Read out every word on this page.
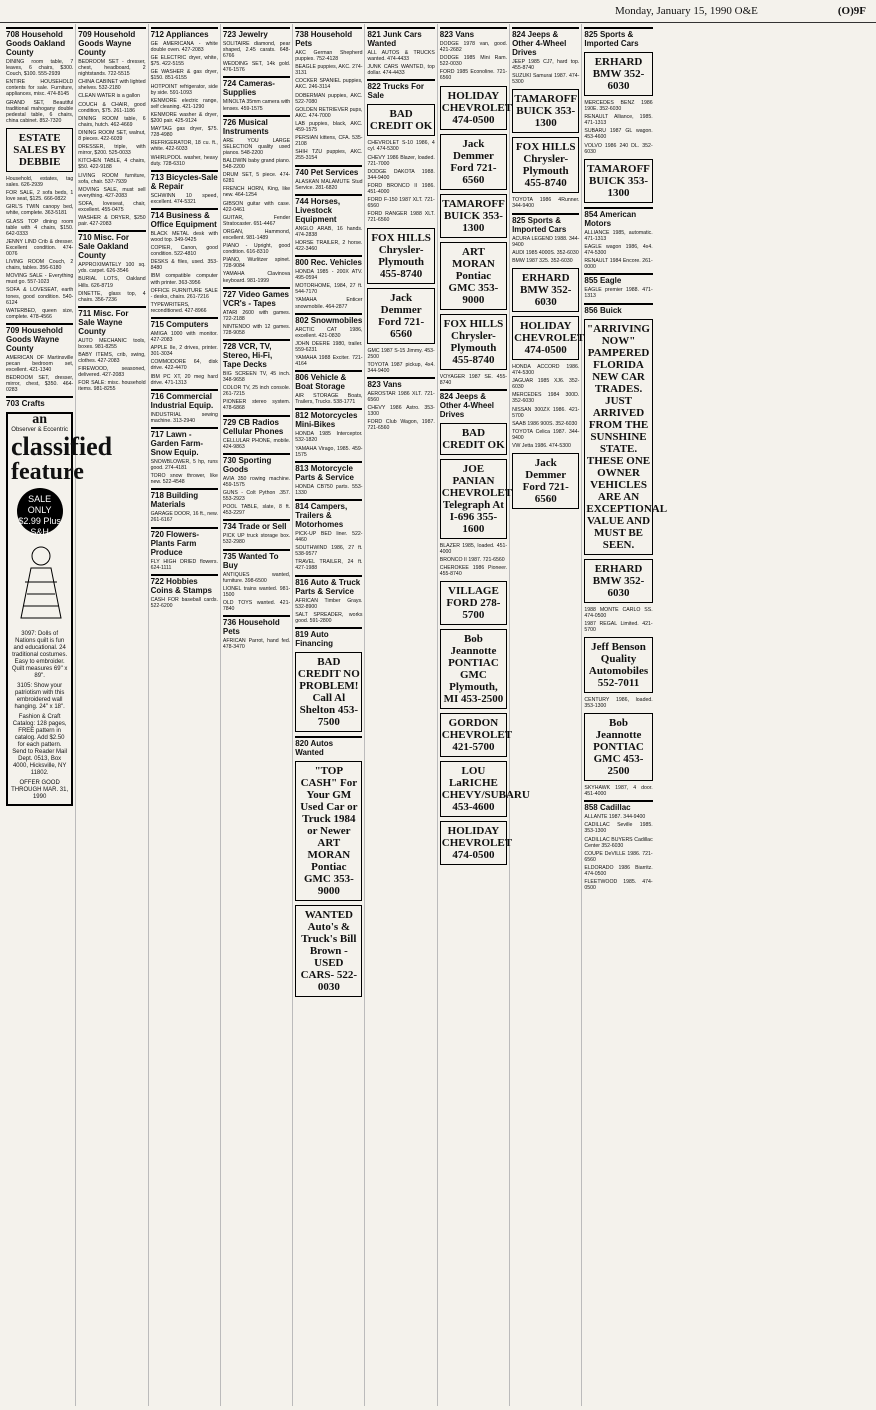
Monday, January 15, 1990 O&E	(O)9F
708 Household Goods Oakland County
DINING room table, 7 leaves, 6 chairs, $300. Couch, $100. 555-2939
ENTIRE HOUSEHOLD contents for sale. Furniture, appliances, misc. 474-8145
GRAND SET, Beautiful traditional mahogany double pedestal table, 6 chairs, china cabinet. 852-7320
ESTATE SALES BY DEBBIE
Household, estates, tag sales. 626-2939
FOR SALE, 2 sofa beds, 1 love seat, $125. 666-0822
GIRL'S TWIN canopy bed, white, complete. 363-5181
GLASS TOP dining room table with 4 chairs, $150. 642-0333
JENNY LIND Crib & dresser. Excellent condition. 474-0076
LIVING ROOM Couch, 2 chairs, tables. 356-6180
MOVING SALE - Everything must go. 557-1023
SOFA & LOVESEAT, earth tones, good condition. 540-6124
WATERBED, queen size, complete. 478-4566
709 Household Goods Wayne County
AMERICAN OF Martinsville pecan bedroom set, excellent. 421-1340
BEDROOM SET, dresser, mirror, chest, $350. 464-0283
703 Crafts
an
Observer & Eccentric
classified
feature
SALE ONLY $2.99 Plus S&H
3097: Dolls of Nations quilt is fun and educational. 24 traditional costumes. Easy to embroider. Quilt measures 69" x 89".
3105: Show your patriotism with this embroidered wall hanging. 24" x 18".
Fashion & Craft Catalog: 128 pages, FREE pattern in catalog. Add $2.50 for each pattern. Send to Reader Mail Dept. 0513, Box 4000, Hicksville, NY 11802.
OFFER GOOD THROUGH MAR. 31, 1990
709 Household Goods Wayne County
BEDROOM SET - dresser, chest, headboard, 2 nightstands. 722-5515
CHINA CABINET with lighted shelves. 532-2180
CLEAN WATER is a gallon
COUCH & CHAIR, good condition, $75. 261-1186
DINING ROOM table, 6 chairs, hutch. 462-4669
DINING ROOM SET, walnut, 8 pieces. 422-6039
DRESSER, triple, with mirror, $200. 525-0033
KITCHEN TABLE, 4 chairs, $50. 422-9188
LIVING ROOM furniture, sofa, chair. 537-7939
MOVING SALE, must sell everything. 427-2083
SOFA, loveseat, chair, excellent. 455-0475
WASHER & DRYER, $250 pair. 427-2083
710 Misc. For Sale Oakland County
APPROXIMATELY 100 sq. yds. carpet. 626-3546
BURIAL LOTS, Oakland Hills. 626-8719
DINETTE, glass top, 4 chairs. 356-7236
711 Misc. For Sale Wayne County
AUTO MECHANIC tools, boxes. 981-8255
BABY ITEMS, crib, swing, clothes. 427-2083
FIREWOOD, seasoned, delivered. 427-2083
FOR SALE: misc. household items. 981-8255
712 Appliances
GE AMERICANA - white double oven. 427-2083
GE ELECTRIC dryer, white, $75. 422-5155
GE WASHER & gas dryer, $150. 851-6155
HOTPOINT refrigerator, side by side. 591-1093
KENMORE electric range, self cleaning. 421-1290
KENMORE washer & dryer, $200 pair. 425-9124
MAYTAG gas dryer, $75. 728-4980
REFRIGERATOR, 18 cu. ft., white. 422-6033
WHIRLPOOL washer, heavy duty. 728-6310
713 Bicycles-Sale & Repair
SCHWINN 10 speed, excellent. 474-5321
714 Business & Office Equipment
BLACK METAL desk with wood top. 349-9425
COPIER, Canon, good condition. 522-4810
DESKS & files, used. 353-8480
IBM compatible computer with printer. 363-3956
OFFICE FURNITURE SALE - desks, chairs. 261-7216
TYPEWRITERS, reconditioned. 427-8966
715 Computers
AMIGA 1000 with monitor. 427-2083
APPLE IIe, 2 drives, printer. 301-3034
COMMODORE 64, disk drive. 422-4470
IBM PC XT, 20 meg hard drive. 471-1313
716 Commercial Industrial Equip.
INDUSTRIAL sewing machine. 313-2940
717 Lawn - Garden Farm-Snow Equip.
SNOWBLOWER, 5 hp, runs good. 274-4181
TORO snow thrower, like new. 522-4548
718 Building Materials
GARAGE DOOR, 16 ft., new. 261-6167
720 Flowers-Plants Farm Produce
FLY HIGH DRIED flowers. 624-1111
722 Hobbies Coins & Stamps
CASH FOR baseball cards. 522-6200
723 Jewelry
SOLITAIRE diamond, pear shaped, 2.45 carats. 648-6766
WEDDING SET, 14k gold. 476-1576
724 Cameras-Supplies
MINOLTA 35mm camera with lenses. 459-1575
726 Musical Instruments
ARE YOU LARGE SELECTION quality used pianos. 548-2200
BALDWIN baby grand piano. 548-2200
DRUM SET, 5 piece. 474-6281
FRENCH HORN, King, like new. 464-1254
GIBSON guitar with case. 422-0461
GUITAR, Fender Stratocaster. 651-4467
ORGAN, Hammond, excellent. 981-1489
PIANO - Upright, good condition. 616-8310
PIANO, Wurlitzer spinet. 728-9084
YAMAHA Clavinova keyboard. 981-1999
727 Video Games VCR's - Tapes
ATARI 2600 with games. 722-2188
NINTENDO with 12 games. 728-9058
728 VCR, TV, Stereo, Hi-Fi, Tape Decks
BIG SCREEN TV, 45 inch. 348-9658
COLOR TV, 25 inch console. 261-7215
PIONEER stereo system. 478-6868
729 CB Radios Cellular Phones
CELLULAR PHONE, mobile. 424-9863
730 Sporting Goods
AVIA 350 rowing machine. 459-1575
GUNS - Colt Python .357. 553-2923
POOL TABLE, slate, 8 ft. 453-2297
734 Trade or Sell
PICK UP truck storage box. 532-2980
735 Wanted To Buy
ANTIQUES wanted, furniture. 398-6500
LIONEL trains wanted. 981-1500
OLD TOYS wanted. 421-7840
736 Household Pets
AFRICAN Parrot, hand fed. 478-3470
738 Household Pets
AKC German Shepherd puppies. 752-4128
BEAGLE puppies, AKC. 274-3131
COCKER SPANIEL puppies, AKC. 246-3114
DOBERMAN puppies, AKC. 522-7080
GOLDEN RETRIEVER pups, AKC. 474-7000
LAB puppies, black, AKC. 459-1575
PERSIAN kittens, CFA. 535-2108
SHIH TZU puppies, AKC. 255-3154
740 Pet Services
ALASKAN MALAMUTE Stud Service. 281-6820
744 Horses, Livestock Equipment
ANGLO ARAB, 16 hands. 474-2838
HORSE TRAILER, 2 horse. 422-3460
800 Rec. Vehicles
HONDA 1985 - 200X ATV. 495-0594
MOTORHOME, 1984, 27 ft. 544-7170
YAMAHA Enticer snowmobile. 464-2877
802 Snowmobiles
ARCTIC CAT 1986, excellent. 421-0830
JOHN DEERE 1980, trailer. 559-6231
YAMAHA 1988 Exciter. 721-4164
806 Vehicle & Boat Storage
AIR STORAGE Boats, Trailers, Trucks. 538-1771
812 Motorcycles Mini-Bikes
HONDA 1985 Interceptor. 532-1820
YAMAHA Virago, 1985. 459-1575
813 Motorcycle Parts & Service
HONDA CB750 parts. 553-1330
814 Campers, Trailers & Motorhomes
PICK-UP BED liner. 522-4460
SOUTHWIND 1986, 27 ft. 538-9577
TRAVEL TRAILER, 24 ft. 427-1988
816 Auto & Truck Parts & Service
AFRICAN Timber Grays. 532-8900
SALT SPREADER, works good. 591-2800
819 Auto Financing
BAD CREDIT NO PROBLEM! Call Al Shelton 453-7500
820 Autos Wanted
"TOP CASH" For Your GM Used Car or Truck 1984 or Newer ART MORAN Pontiac GMC 353-9000
WANTED Auto's & Truck's Bill Brown -USED CARS- 522-0030
821 Junk Cars Wanted
ALL AUTOS & TRUCKS wanted. 474-4433
JUNK CARS WANTED, top dollar. 474-4433
822 Trucks For Sale
BAD CREDIT OK
CHEVROLET S-10 1986, 4 cyl. 474-5300
CHEVY 1986 Blazer, loaded. 721-7000
DODGE DAKOTA 1988. 344-9400
FORD BRONCO II 1986. 451-4000
FORD F-150 1987 XLT. 721-6560
FORD RANGER 1988 XLT. 721-6560
FOX HILLS Chrysler-Plymouth 455-8740
Jack Demmer Ford 721-6560
GMC 1987 S-15 Jimmy. 453-2500
TOYOTA 1987 pickup, 4x4. 344-9400
823 Vans
AEROSTAR 1986 XLT. 721-6560
CHEVY 1986 Astro. 353-1300
FORD Club Wagon, 1987. 721-6560
823 Vans
DODGE 1978 van, good. 421-2682
DODGE 1985 Mini Ram. 522-0030
FORD 1985 Econoline. 721-6560
HOLIDAY CHEVROLET 474-0500
Jack Demmer Ford 721-6560
TAMAROFF BUICK 353-1300
ART MORAN Pontiac GMC 353-9000
FOX HILLS Chrysler-Plymouth 455-8740
VOYAGER 1987 SE. 455-8740
824 Jeeps & Other 4-Wheel Drives
BAD CREDIT OK
JOE PANIAN CHEVROLET Telegraph At I-696 355-1600
BLAZER 1985, loaded. 451-4000
BRONCO II 1987. 721-6560
CHEROKEE 1986 Pioneer. 455-8740
VILLAGE FORD 278-5700
Bob Jeannotte PONTIAC GMC Plymouth, MI 453-2500
GORDON CHEVROLET 421-5700
LOU LaRICHE CHEVY/SUBARU 453-4600
HOLIDAY CHEVROLET 474-0500
824 Jeeps & Other 4-Wheel Drives
JEEP 1985 CJ7, hard top. 455-8740
SUZUKI Samurai 1987. 474-5300
TAMAROFF BUICK 353-1300
FOX HILLS Chrysler-Plymouth 455-8740
TOYOTA 1986 4Runner. 344-9400
825 Sports & Imported Cars
ACURA LEGEND 1988. 344-9400
AUDI 1985 4000S. 352-6030
BMW 1987 325. 352-6030
ERHARD BMW 352-6030
HOLIDAY CHEVROLET 474-0500
HONDA ACCORD 1986. 474-5300
JAGUAR 1985 XJ6. 352-6030
MERCEDES 1984 300D. 352-6030
NISSAN 300ZX 1986. 421-5700
SAAB 1986 900S. 352-6030
TOYOTA Celica 1987. 344-9400
VW Jetta 1986. 474-5300
Jack Demmer Ford 721-6560
825 Sports & Imported Cars
ERHARD BMW 352-6030
MERCEDES BENZ 1986 190E. 352-6030
RENAULT Alliance, 1985. 471-1313
SUBARU 1987 GL wagon. 453-4600
VOLVO 1986 240 DL. 352-6030
TAMAROFF BUICK 353-1300
854 American Motors
ALLIANCE 1985, automatic. 471-1313
EAGLE wagon 1986, 4x4. 474-5300
RENAULT 1984 Encore. 261-0000
855 Eagle
EAGLE premier 1988. 471-1313
856 Buick
"ARRIVING NOW" PAMPERED FLORIDA NEW CAR TRADES. JUST ARRIVED FROM THE SUNSHINE STATE. THESE ONE OWNER VEHICLES ARE AN EXCEPTIONAL VALUE AND MUST BE SEEN.
ERHARD BMW 352-6030
1988 MONTE CARLO SS. 474-0500
1987 REGAL Limited. 421-5700
Jeff Benson Quality Automobiles 552-7011
CENTURY 1986, loaded. 353-1300
Bob Jeannotte PONTIAC GMC 453-2500
SKYHAWK 1987, 4 door. 451-4000
858 Cadillac
ALLANTE 1987. 344-9400
CADILLAC Seville 1985. 353-1300
CADILLAC BUYERS Cadillac Center 352-6030
COUPE DeVILLE 1986. 721-6560
ELDORADO 1986 Biarritz. 474-0500
FLEETWOOD 1985. 474-0500
